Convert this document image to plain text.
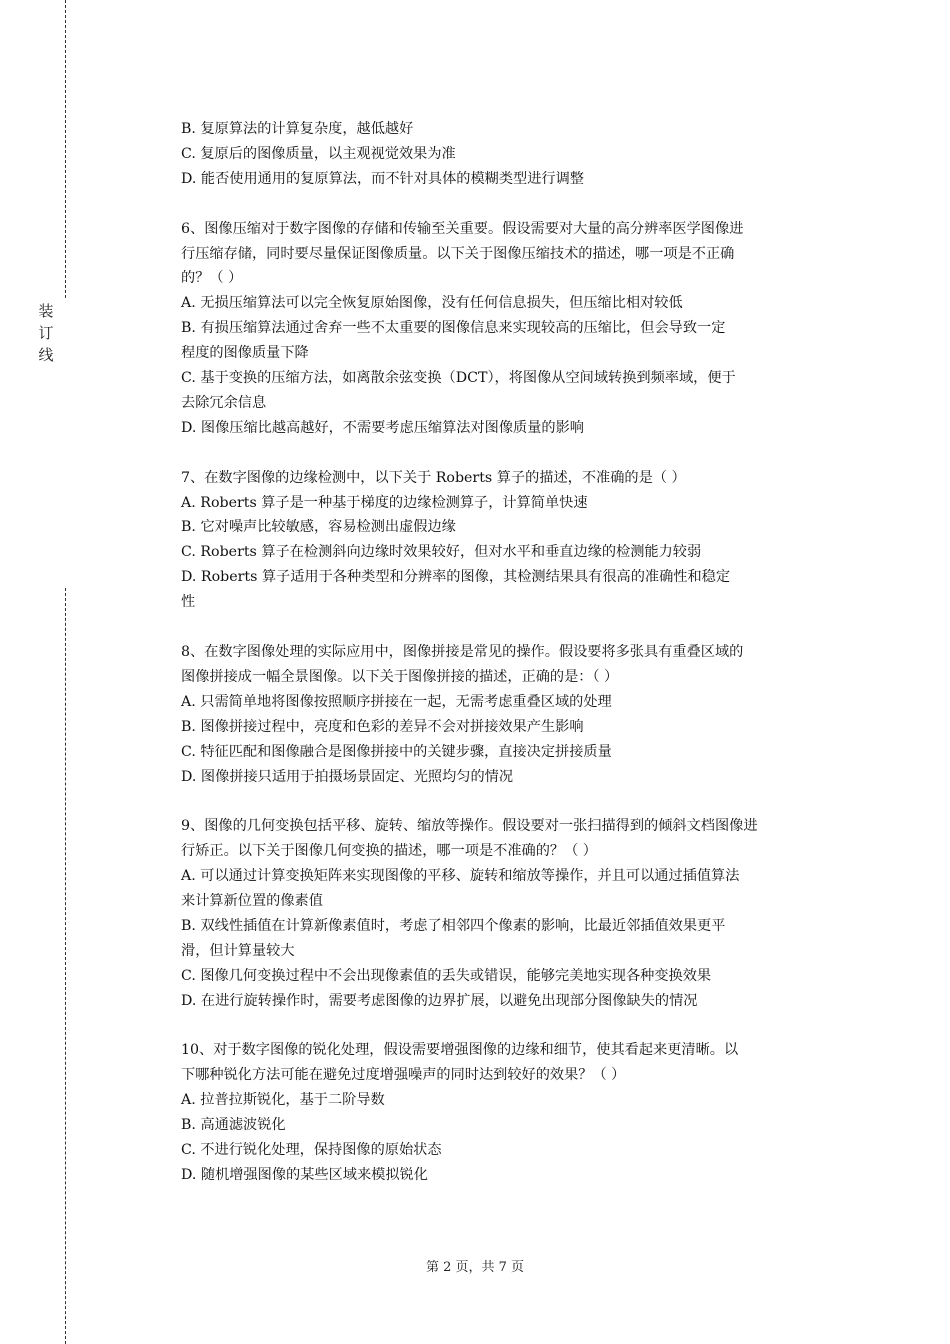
装
订
线
B. 复原算法的计算复杂度，越低越好
C. 复原后的图像质量，以主观视觉效果为准
D. 能否使用通用的复原算法，而不针对具体的模糊类型进行调整
6、图像压缩对于数字图像的存储和传输至关重要。假设需要对大量的高分辨率医学图像进
行压缩存储，同时要尽量保证图像质量。以下关于图像压缩技术的描述，哪一项是不正确
的？（ ）
A. 无损压缩算法可以完全恢复原始图像，没有任何信息损失，但压缩比相对较低
B. 有损压缩算法通过舍弃一些不太重要的图像信息来实现较高的压缩比，但会导致一定
程度的图像质量下降
C. 基于变换的压缩方法，如离散余弦变换（DCT），将图像从空间域转换到频率域，便于
去除冗余信息
D. 图像压缩比越高越好，不需要考虑压缩算法对图像质量的影响
7、在数字图像的边缘检测中，以下关于 Roberts 算子的描述，不准确的是（ ）
A. Roberts 算子是一种基于梯度的边缘检测算子，计算简单快速
B. 它对噪声比较敏感，容易检测出虚假边缘
C. Roberts 算子在检测斜向边缘时效果较好，但对水平和垂直边缘的检测能力较弱
D. Roberts 算子适用于各种类型和分辨率的图像，其检测结果具有很高的准确性和稳定
性
8、在数字图像处理的实际应用中，图像拼接是常见的操作。假设要将多张具有重叠区域的
图像拼接成一幅全景图像。以下关于图像拼接的描述，正确的是：（ ）
A. 只需简单地将图像按照顺序拼接在一起，无需考虑重叠区域的处理
B. 图像拼接过程中，亮度和色彩的差异不会对拼接效果产生影响
C. 特征匹配和图像融合是图像拼接中的关键步骤，直接决定拼接质量
D. 图像拼接只适用于拍摄场景固定、光照均匀的情况
9、图像的几何变换包括平移、旋转、缩放等操作。假设要对一张扫描得到的倾斜文档图像进
行矫正。以下关于图像几何变换的描述，哪一项是不准确的？（ ）
A. 可以通过计算变换矩阵来实现图像的平移、旋转和缩放等操作，并且可以通过插值算法
来计算新位置的像素值
B. 双线性插值在计算新像素值时，考虑了相邻四个像素的影响，比最近邻插值效果更平
滑，但计算量较大
C. 图像几何变换过程中不会出现像素值的丢失或错误，能够完美地实现各种变换效果
D. 在进行旋转操作时，需要考虑图像的边界扩展，以避免出现部分图像缺失的情况
10、对于数字图像的锐化处理，假设需要增强图像的边缘和细节，使其看起来更清晰。以
下哪种锐化方法可能在避免过度增强噪声的同时达到较好的效果？（ ）
A. 拉普拉斯锐化，基于二阶导数
B. 高通滤波锐化
C. 不进行锐化处理，保持图像的原始状态
D. 随机增强图像的某些区域来模拟锐化
第 2 页，共 7 页
